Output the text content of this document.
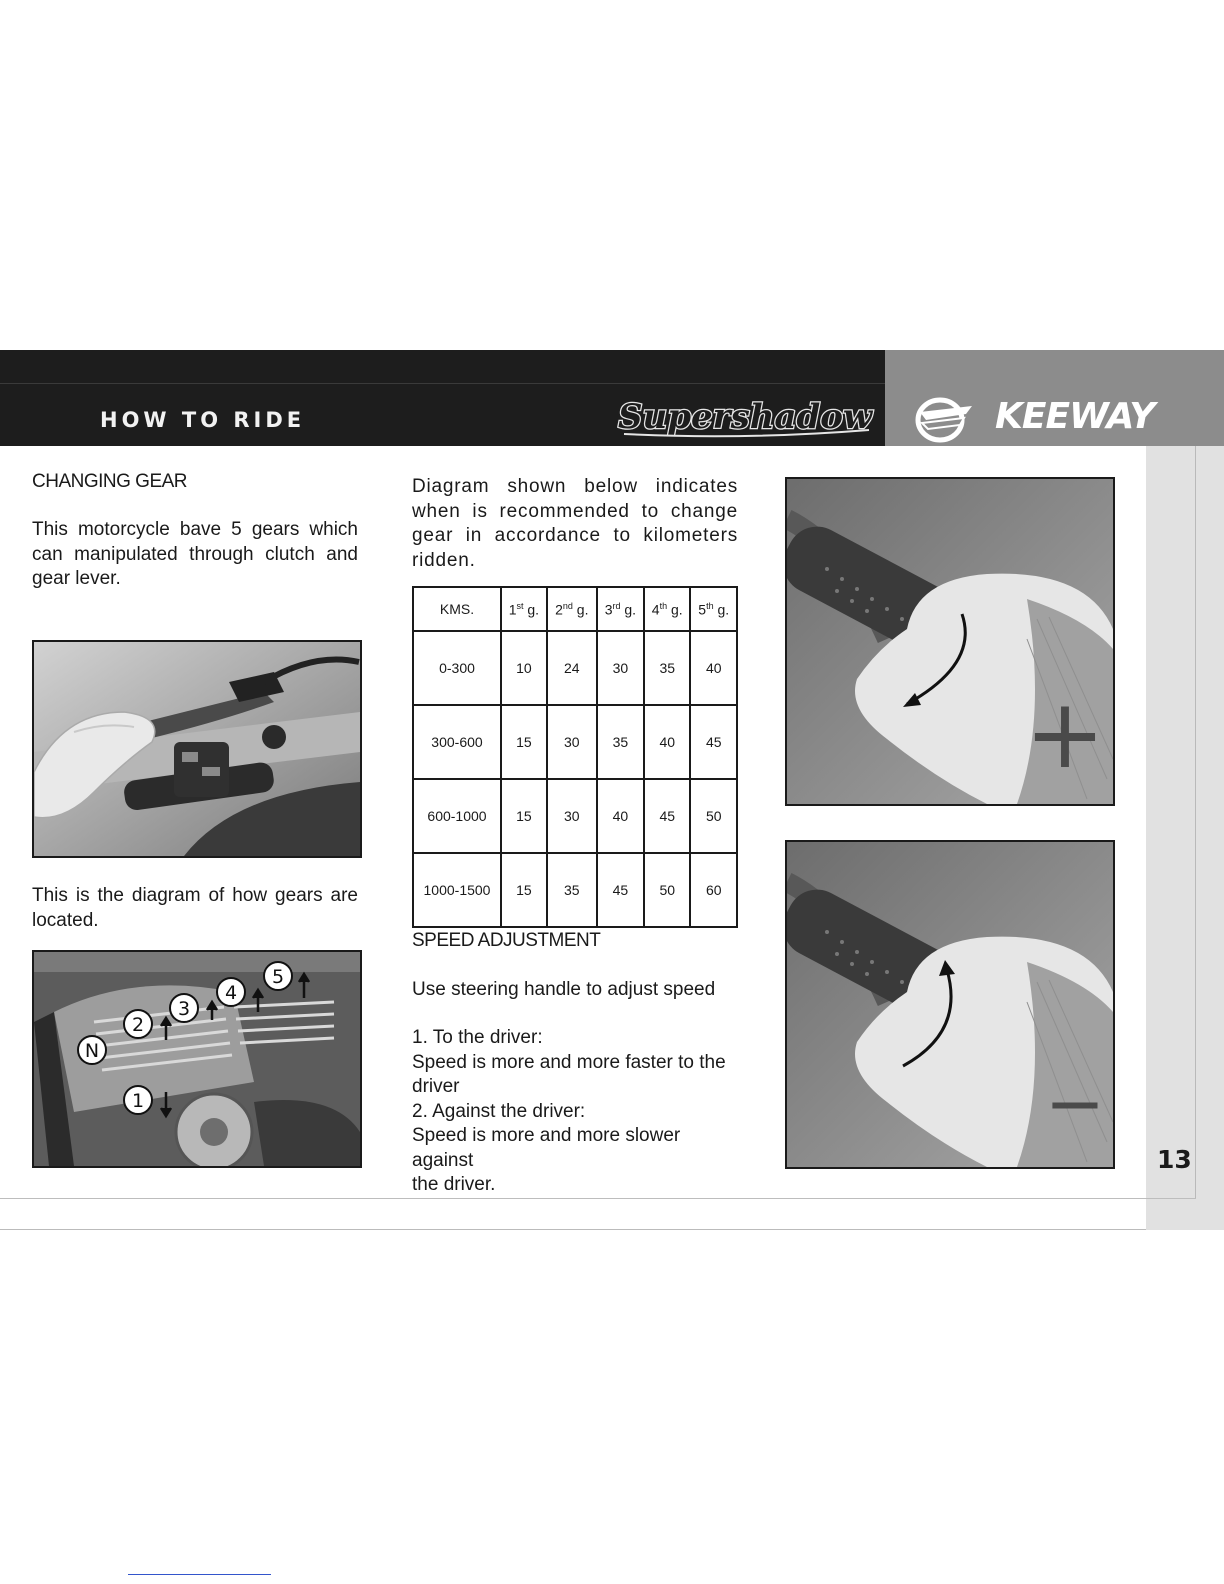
HOW TO RIDE	Supershadow	KEEWAY
CHANGING GEAR
This motorcycle bave 5 gears which
can manipulated through clutch and
gear lever.
This is the diagram of how gears are
located.
N
1
2
3
4
5
Diagram shown below indicates
when is recommended to change
gear in accordance to kilometers
ridden.
KMS.	1st g.	2nd g.	3rd g.	4th g.	5th g.
0-300	10	24	30	35	40
300-600	15	30	35	40	45
600-1000	15	30	40	45	50
1000-1500	15	35	45	50	60
SPEED ADJUSTMENT
Use steering handle to adjust speed
1. To the driver:
Speed is more and more faster to the
driver
2. Against the driver:
Speed is more and more slower against
the driver.
+
−
13
